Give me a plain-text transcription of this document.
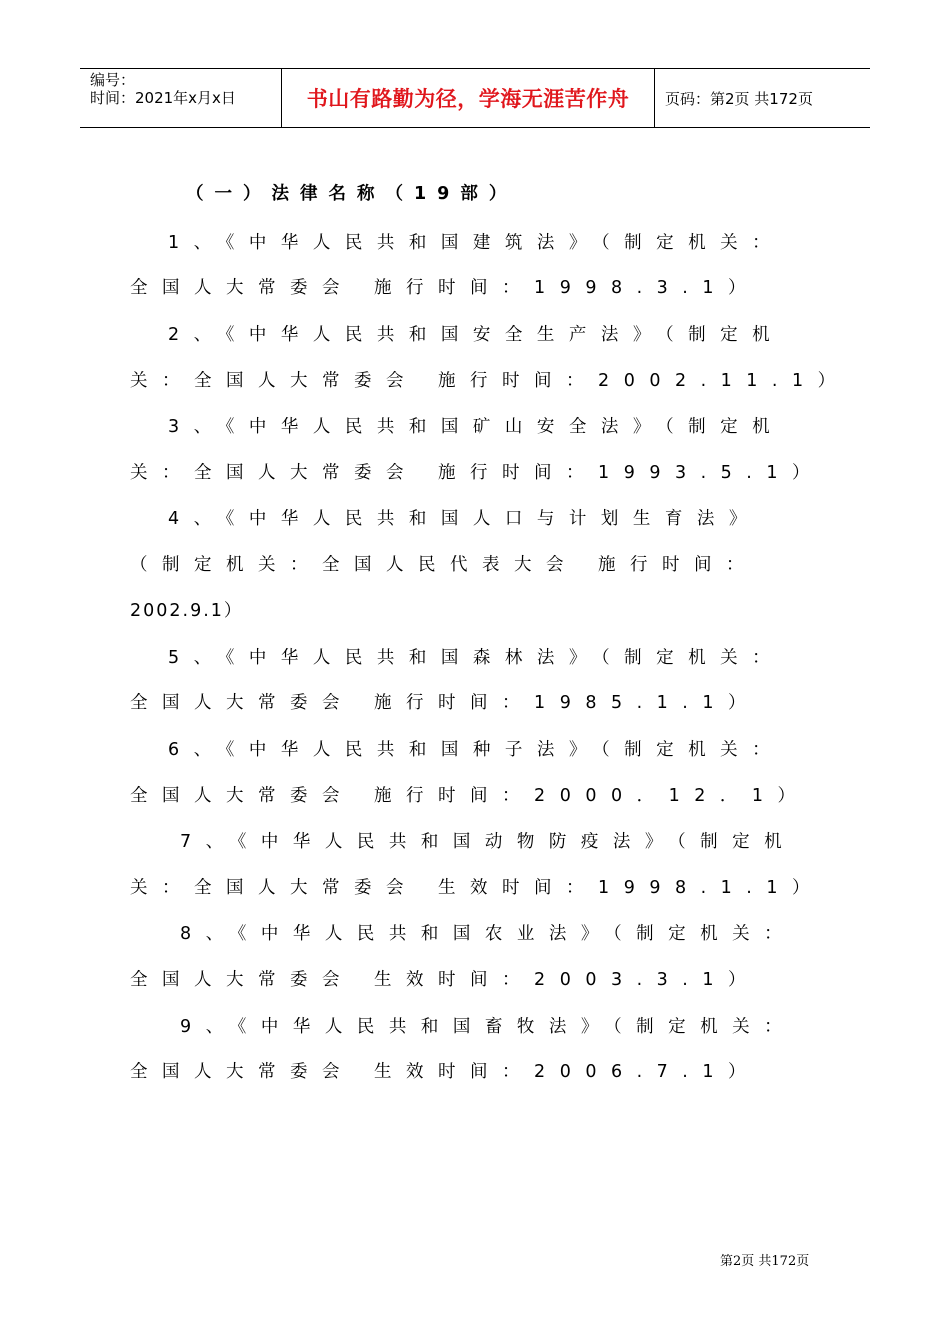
编号：
时间：2021年x月x日	书山有路勤为径，学海无涯苦作舟	页码：第2页 共172页
（一）法律名称（19部）
1、《中华人民共和国建筑法》（制定机关：
全国人大常委会 施行时间：1998.3.1）
2、《中华人民共和国安全生产法》（制定机
关：全国人大常委会 施行时间：2002.11.1）
3、《中华人民共和国矿山安全法》（制定机
关：全国人大常委会 施行时间：1993.5.1）
4、《中华人民共和国人口与计划生育法》
（制定机关：全国人民代表大会 施行时间：
2002.9.1）
5、《中华人民共和国森林法》（制定机关：
全国人大常委会 施行时间：1985.1.1）
6、《中华人民共和国种子法》（制定机关：
全国人大常委会 施行时间：2000．12．1）
7、《中华人民共和国动物防疫法》（制定机
关：全国人大常委会 生效时间：1998.1.1）
8、《中华人民共和国农业法》（制定机关：
全国人大常委会 生效时间：2003.3.1）
9、《中华人民共和国畜牧法》（制定机关：
全国人大常委会 生效时间：2006.7.1）
第2页 共172页
